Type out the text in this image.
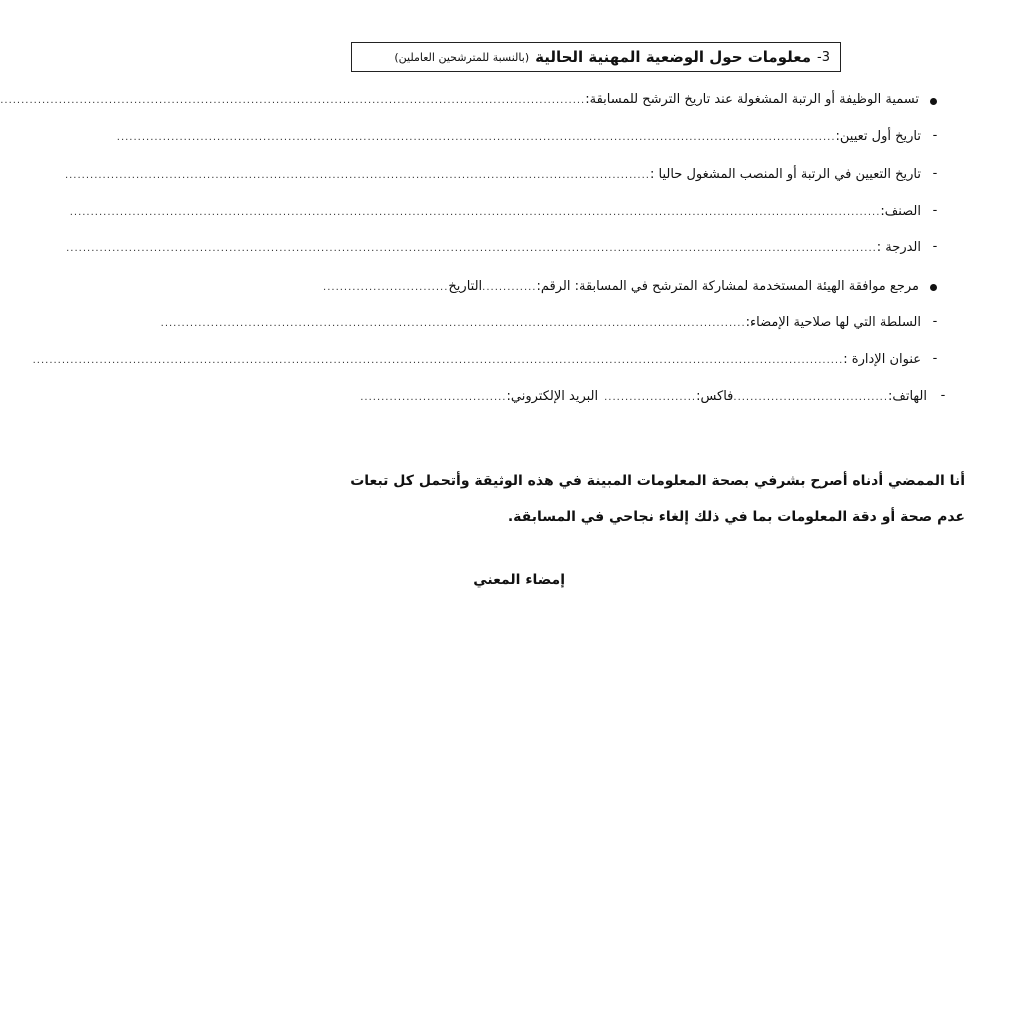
3-
معلومات حول الوضعية المهنية الحالية
(بالنسبة للمترشحين العاملين)
تسمية الوظيفة أو الرتبة المشغولة عند تاريخ الترشح للمسابقة:
............................................................................................................................................
-
تاريخ أول تعيين:
............................................................................................................................................................................
-
تاريخ التعيين في الرتبة أو المنصب المشغول حاليا :
............................................................................................................................................
-
الصنف:
..................................................................................................................................................................................................
-
الدرجة :
..................................................................................................................................................................................................
مرجع موافقة الهيئة المستخدمة لمشاركة المترشح في المسابقة: الرقم:
.............
التاريخ
..............................
-
السلطة التي لها صلاحية الإمضاء:
............................................................................................................................................
-
عنوان الإدارة :
..................................................................................................................................................................................................
-
الهاتف:
.....................................
فاكس:
......................
البريد الإلكتروني:
...................................
أنا الممضي أدناه أصرح بشرفي بصحة المعلومات المبينة في هذه الوثيقة وأتحمل كل تبعات
عدم صحة أو دقة المعلومات بما في ذلك إلغاء نجاحي في المسابقة.
إمضاء المعني
